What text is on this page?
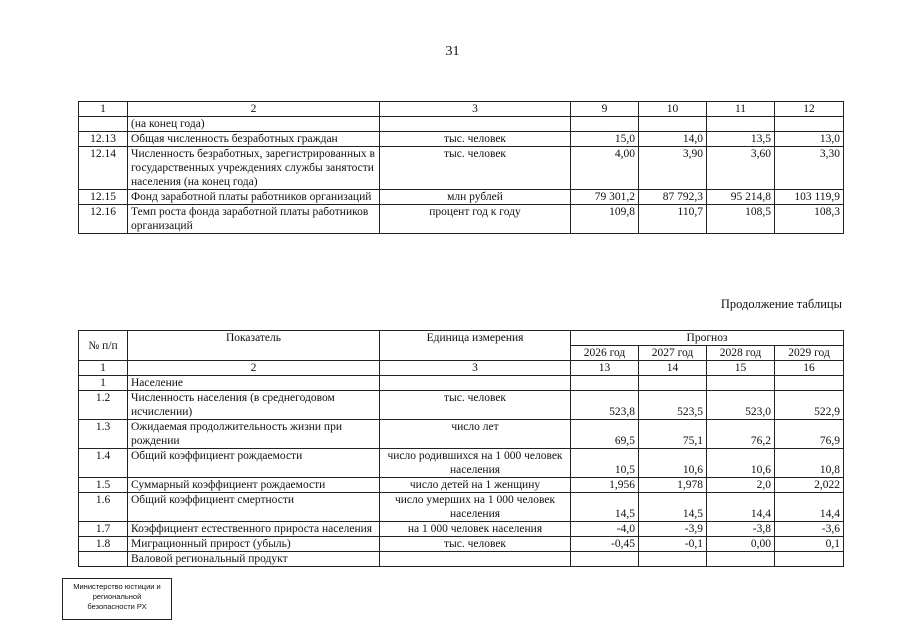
31
1	2	3	9	10	11	12
	(на конец года)					
12.13	Общая численность безработных граждан	тыс. человек	15,0	14,0	13,5	13,0
12.14	Численность безработных, зарегистрированных в государственных учреждениях службы занятости населения (на конец года)	тыс. человек	4,00	3,90	3,60	3,30
12.15	Фонд заработной платы работников организаций	млн рублей	79 301,2	87 792,3	95 214,8	103 119,9
12.16	Темп роста фонда заработной платы работников организаций	процент год к году	109,8	110,7	108,5	108,3
Продолжение таблицы
№ п/п	Показатель	Единица измерения	Прогноз			
			2026 год	2027 год	2028 год	2029 год
1	2	3	13	14	15	16
1	Население					
1.2	Численность населения (в среднегодовом исчислении)	тыс. человек	523,8	523,5	523,0	522,9
1.3	Ожидаемая продолжительность жизни при рождении	число лет	69,5	75,1	76,2	76,9
1.4	Общий коэффициент рождаемости	число родившихся на 1 000 человек населения	10,5	10,6	10,6	10,8
1.5	Суммарный коэффициент рождаемости	число детей на 1 женщину	1,956	1,978	2,0	2,022
1.6	Общий коэффициент смертности	число умерших на 1 000 человек населения	14,5	14,5	14,4	14,4
1.7	Коэффициент естественного прироста населения	на 1 000 человек населения	-4,0	-3,9	-3,8	-3,6
1.8	Миграционный прирост (убыль)	тыс. человек	-0,45	-0,1	0,00	0,1
	Валовой региональный продукт					
Министерство юстиции и региональной
безопасности РХ
